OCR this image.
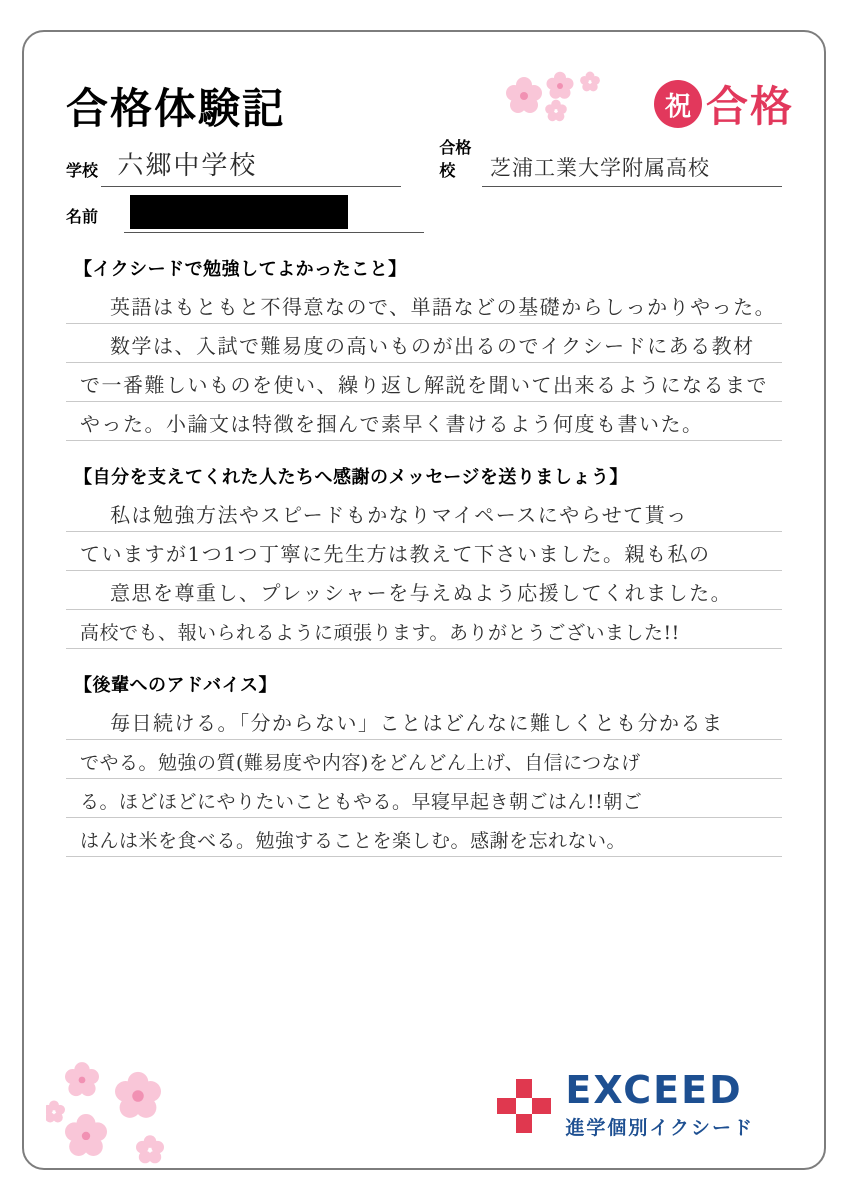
合格体験記	祝 合格
学校 六郷中学校
合格校	芝浦工業大学附属高校
名前
【イクシードで勉強してよかったこと】
英語はもともと不得意なので、単語などの基礎からしっかりやった。
数学は、入試で難易度の高いものが出るのでイクシードにある教材
で一番難しいものを使い、繰り返し解説を聞いて出来るようになるまで
やった。小論文は特徴を掴んで素早く書けるよう何度も書いた。
【自分を支えてくれた人たちへ感謝のメッセージを送りましょう】
私は勉強方法やスピードもかなりマイペースにやらせて貰っ
ていますが1つ1つ丁寧に先生方は教えて下さいました。親も私の
意思を尊重し、プレッシャーを与えぬよう応援してくれました。
高校でも、報いられるように頑張ります。ありがとうございました!!
【後輩へのアドバイス】
毎日続ける。「分からない」ことはどんなに難しくとも分かるま
でやる。勉強の質(難易度や内容)をどんどん上げ、自信につなげ
る。ほどほどにやりたいこともやる。早寝早起き朝ごはん!!朝ご
はんは米を食べる。勉強することを楽しむ。感謝を忘れない。
EXCEED
進学個別イクシード
